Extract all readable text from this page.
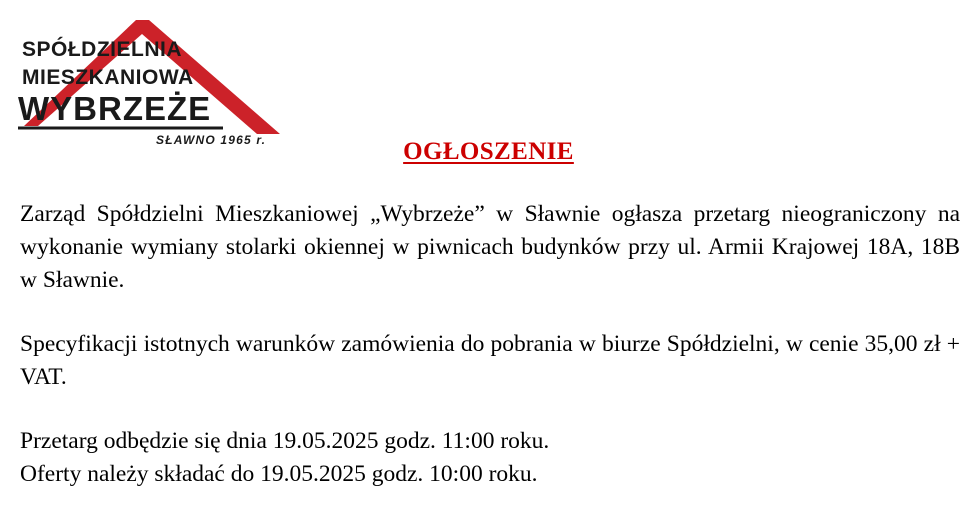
SPÓŁDZIELNIA
MIESZKANIOWA
WYBRZEŻE
SŁAWNO 1965 r.	OGŁOSZENIE

Zarząd Spółdzielni Mieszkaniowej „Wybrzeże” w Sławnie ogłasza przetarg nieograniczony na wykonanie wymiany stolarki okiennej w piwnicach budynków przy ul. Armii Krajowej 18A, 18B w Sławnie.

Specyfikacji istotnych warunków zamówienia do pobrania w biurze Spółdzielni, w cenie 35,00 zł + VAT.

Przetarg odbędzie się dnia 19.05.2025 godz. 11:00 roku.

Oferty należy składać do 19.05.2025 godz. 10:00 roku.
